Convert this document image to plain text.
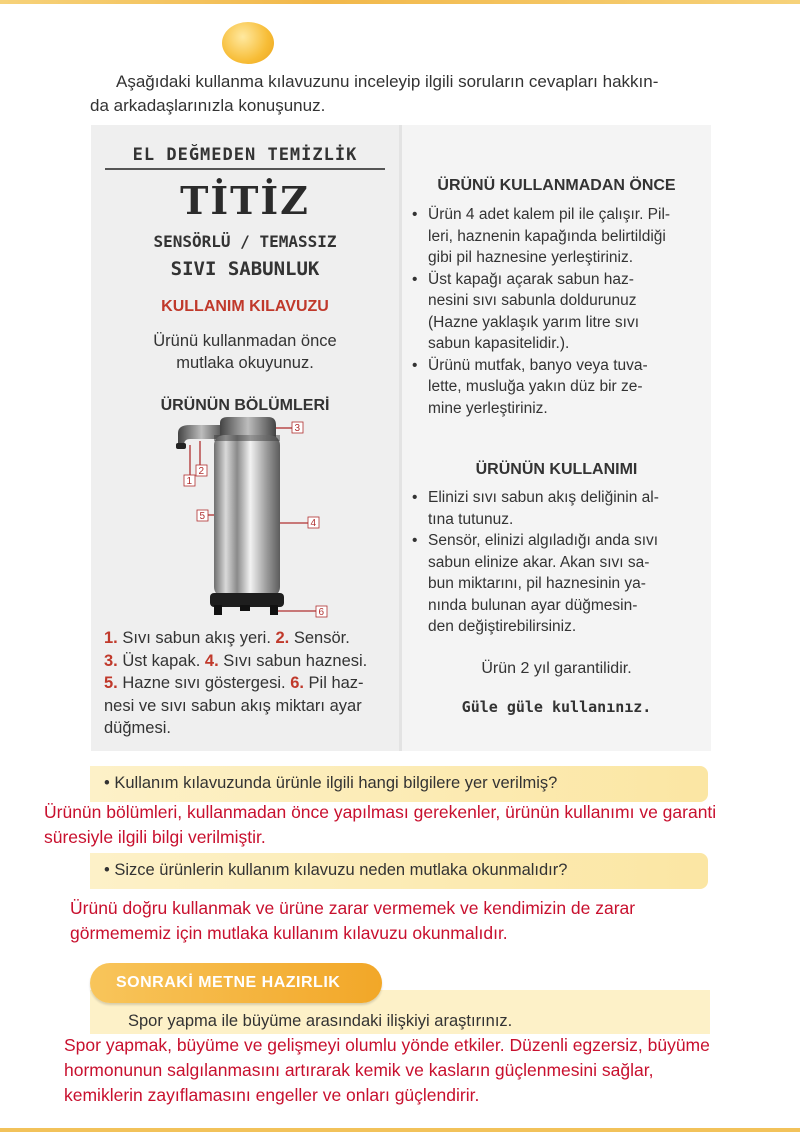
Aşağıdaki kullanma kılavuzunu inceleyip ilgili soruların cevapları hakkın-
da arkadaşlarınızla konuşunuz.
EL DEĞMEDEN TEMİZLİK
TİTİZ
SENSÖRLÜ / TEMASSIZ
SIVI SABUNLUK
KULLANIM KILAVUZU
Ürünü kullanmadan önce
mutlaka okuyunuz.
ÜRÜNÜN BÖLÜMLERİ
3
2
1
5
4
6
1. Sıvı sabun akış yeri. 2. Sensör.
3. Üst kapak. 4. Sıvı sabun haznesi.
5. Hazne sıvı göstergesi. 6. Pil haz-
nesi ve sıvı sabun akış miktarı ayar
düğmesi.
ÜRÜNÜ KULLANMADAN ÖNCE
• Ürün 4 adet kalem pil ile çalışır. Pil-
leri, haznenin kapağında belirtildiği
gibi pil haznesine yerleştiriniz.
• Üst kapağı açarak sabun haz-
nesini sıvı sabunla doldurunuz
(Hazne yaklaşık yarım litre sıvı
sabun kapasitelidir.).
• Ürünü mutfak, banyo veya tuva-
lette, musluğa yakın düz bir ze-
mine yerleştiriniz.
ÜRÜNÜN KULLANIMI
• Elinizi sıvı sabun akış deliğinin al-
tına tutunuz.
• Sensör, elinizi algıladığı anda sıvı
sabun elinize akar. Akan sıvı sa-
bun miktarını, pil haznesinin ya-
nında bulunan ayar düğmesin-
den değiştirebilirsiniz.
Ürün 2 yıl garantilidir.
Güle güle kullanınız.
• Kullanım kılavuzunda ürünle ilgili hangi bilgilere yer verilmiş?
Ürünün bölümleri, kullanmadan önce yapılması gerekenler, ürünün kullanımı ve garanti
süresiyle ilgili bilgi verilmiştir.
• Sizce ürünlerin kullanım kılavuzu neden mutlaka okunmalıdır?
Ürünü doğru kullanmak ve ürüne zarar vermemek ve kendimizin de zarar
görmememiz için mutlaka kullanım kılavuzu okunmalıdır.
SONRAKİ METNE HAZIRLIK
Spor yapma ile büyüme arasındaki ilişkiyi araştırınız.
Spor yapmak, büyüme ve gelişmeyi olumlu yönde etkiler. Düzenli egzersiz, büyüme
hormonunun salgılanmasını artırarak kemik ve kasların güçlenmesini sağlar,
kemiklerin zayıflamasını engeller ve onları güçlendirir.
